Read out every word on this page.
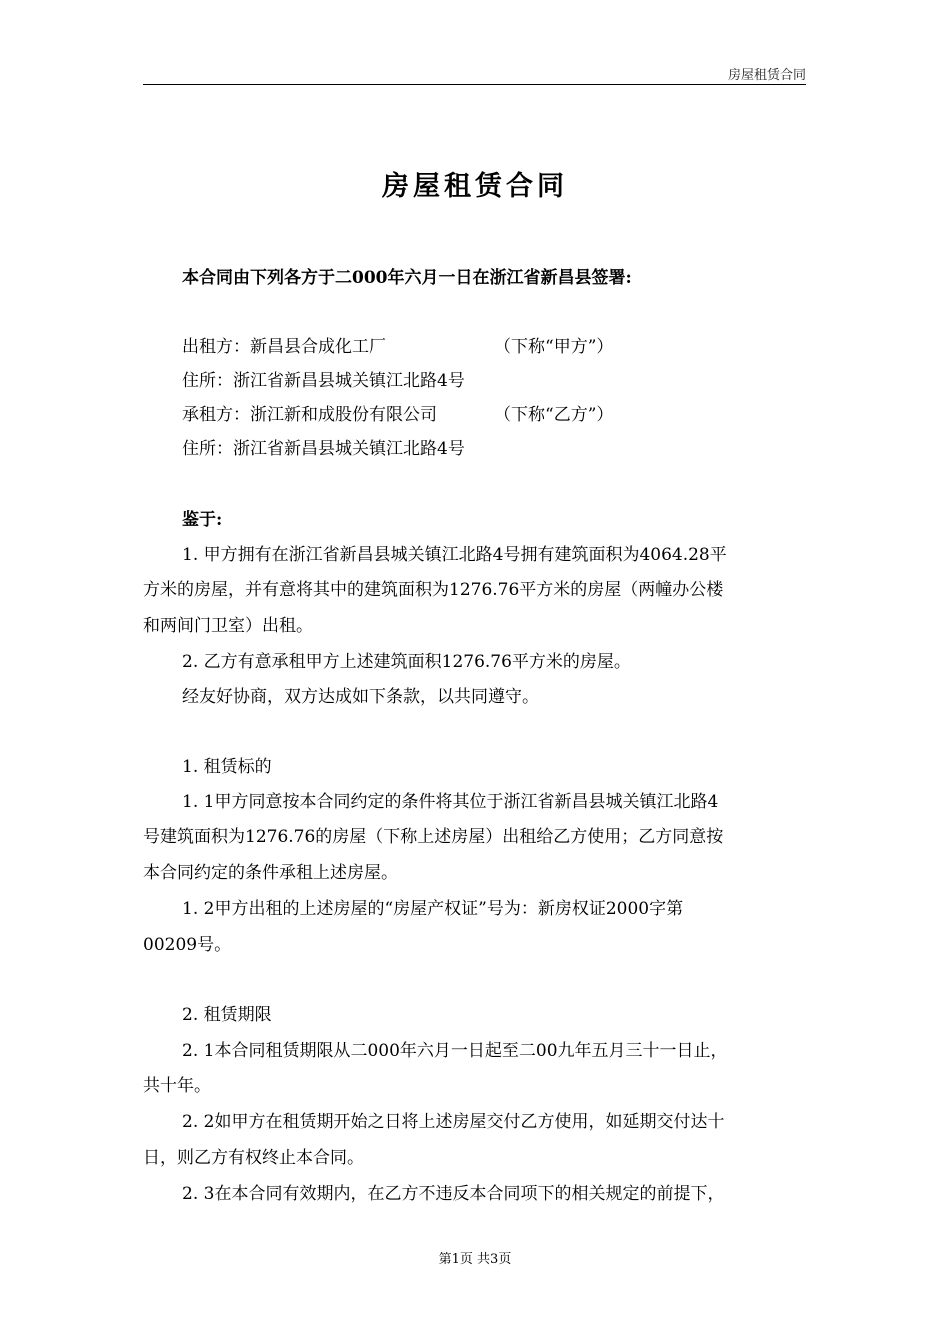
房屋租赁合同
房屋租赁合同
本合同由下列各方于二000年六月一日在浙江省新昌县签署:
出租方：新昌县合成化工厂	（下称“甲方”）
住所：浙江省新昌县城关镇江北路4号
承租方：浙江新和成股份有限公司	（下称“乙方”）
住所：浙江省新昌县城关镇江北路4号
鉴于:
1. 甲方拥有在浙江省新昌县城关镇江北路4号拥有建筑面积为4064.28平
方米的房屋，并有意将其中的建筑面积为1276.76平方米的房屋（两幢办公楼
和两间门卫室）出租。
2. 乙方有意承租甲方上述建筑面积1276.76平方米的房屋。
经友好协商，双方达成如下条款，以共同遵守。
1. 租赁标的
1. 1甲方同意按本合同约定的条件将其位于浙江省新昌县城关镇江北路4
号建筑面积为1276.76的房屋（下称上述房屋）出租给乙方使用；乙方同意按
本合同约定的条件承租上述房屋。
1. 2甲方出租的上述房屋的“房屋产权证”号为：新房权证2000字第
00209号。
2. 租赁期限
2. 1本合同租赁期限从二000年六月一日起至二00九年五月三十一日止，
共十年。
2. 2如甲方在租赁期开始之日将上述房屋交付乙方使用，如延期交付达十
日，则乙方有权终止本合同。
2. 3在本合同有效期内，在乙方不违反本合同项下的相关规定的前提下，
第1页 共3页
